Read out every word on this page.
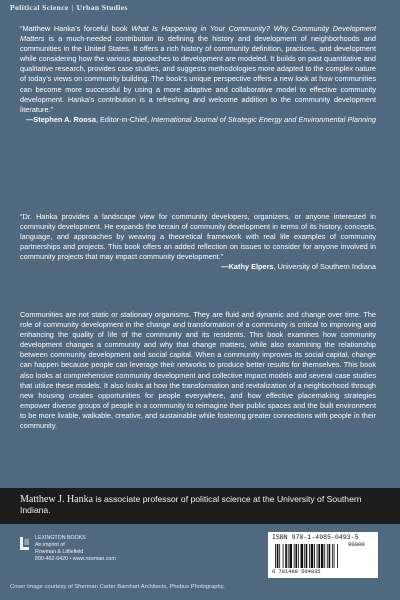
Political Science | Urban Studies

“Matthew Hanka’s forceful book What Is Happening in Your Community? Why Community Development Matters is a much-needed contribution to defining the history and development of neighborhoods and communities in the United States. It offers a rich history of community definition, practices, and development while considering how the various approaches to development are modeled. It builds on past quantitative and qualitative research, provides case studies, and suggests methodologies more adapted to the complex nature of today’s views on community building. The book’s unique perspective offers a new look at how communities can become more successful by using a more adaptive and collaborative model to effective community development. Hanka’s contribution is a refreshing and welcome addition to the community development literature.”

—Stephen A. Roosa, Editor-in-Chief, International Journal of Strategic Energy and Environmental Planning

“Dr. Hanka provides a landscape view for community developers, organizers, or anyone interested in community development. He expands the terrain of community development in terms of its history, concepts, language, and approaches by weaving a theoretical framework with real life examples of community partnerships and projects. This book offers an added reflection on issues to consider for anyone involved in community projects that may impact community development.”
—Kathy Elpers, University of Southern Indiana

Communities are not static or stationary organisms. They are fluid and dynamic and change over time. The role of community development in the change and transformation of a community is critical to improving and enhancing the quality of life of the community and its residents. This book examines how community development changes a community and why that change matters, while also examining the relationship between community development and social capital. When a community improves its social capital, change can happen because people can leverage their networks to produce better results for themselves. This book also looks at comprehensive community development and collective impact models and several case studies that utilize these models. It also looks at how the transformation and revitalization of a neighborhood through new housing creates opportunities for people everywhere, and how effective placemaking strategies empower diverse groups of people in a community to reimagine their public spaces and the built environment to be more livable, walkable, creative, and sustainable while fostering greater connections with people in their community.

Matthew J. Hanka is associate professor of political science at the University of Southern Indiana.

LEXINGTON BOOKS
An imprint of
Rowman & Littlefield
800-462-6420 • www.rowman.com
ISBN 978-1-4985-0493-5
90000
9 781498 504935
Cover image courtesy of Sherman Carter Barnhart Architects, Phebus Photography.
